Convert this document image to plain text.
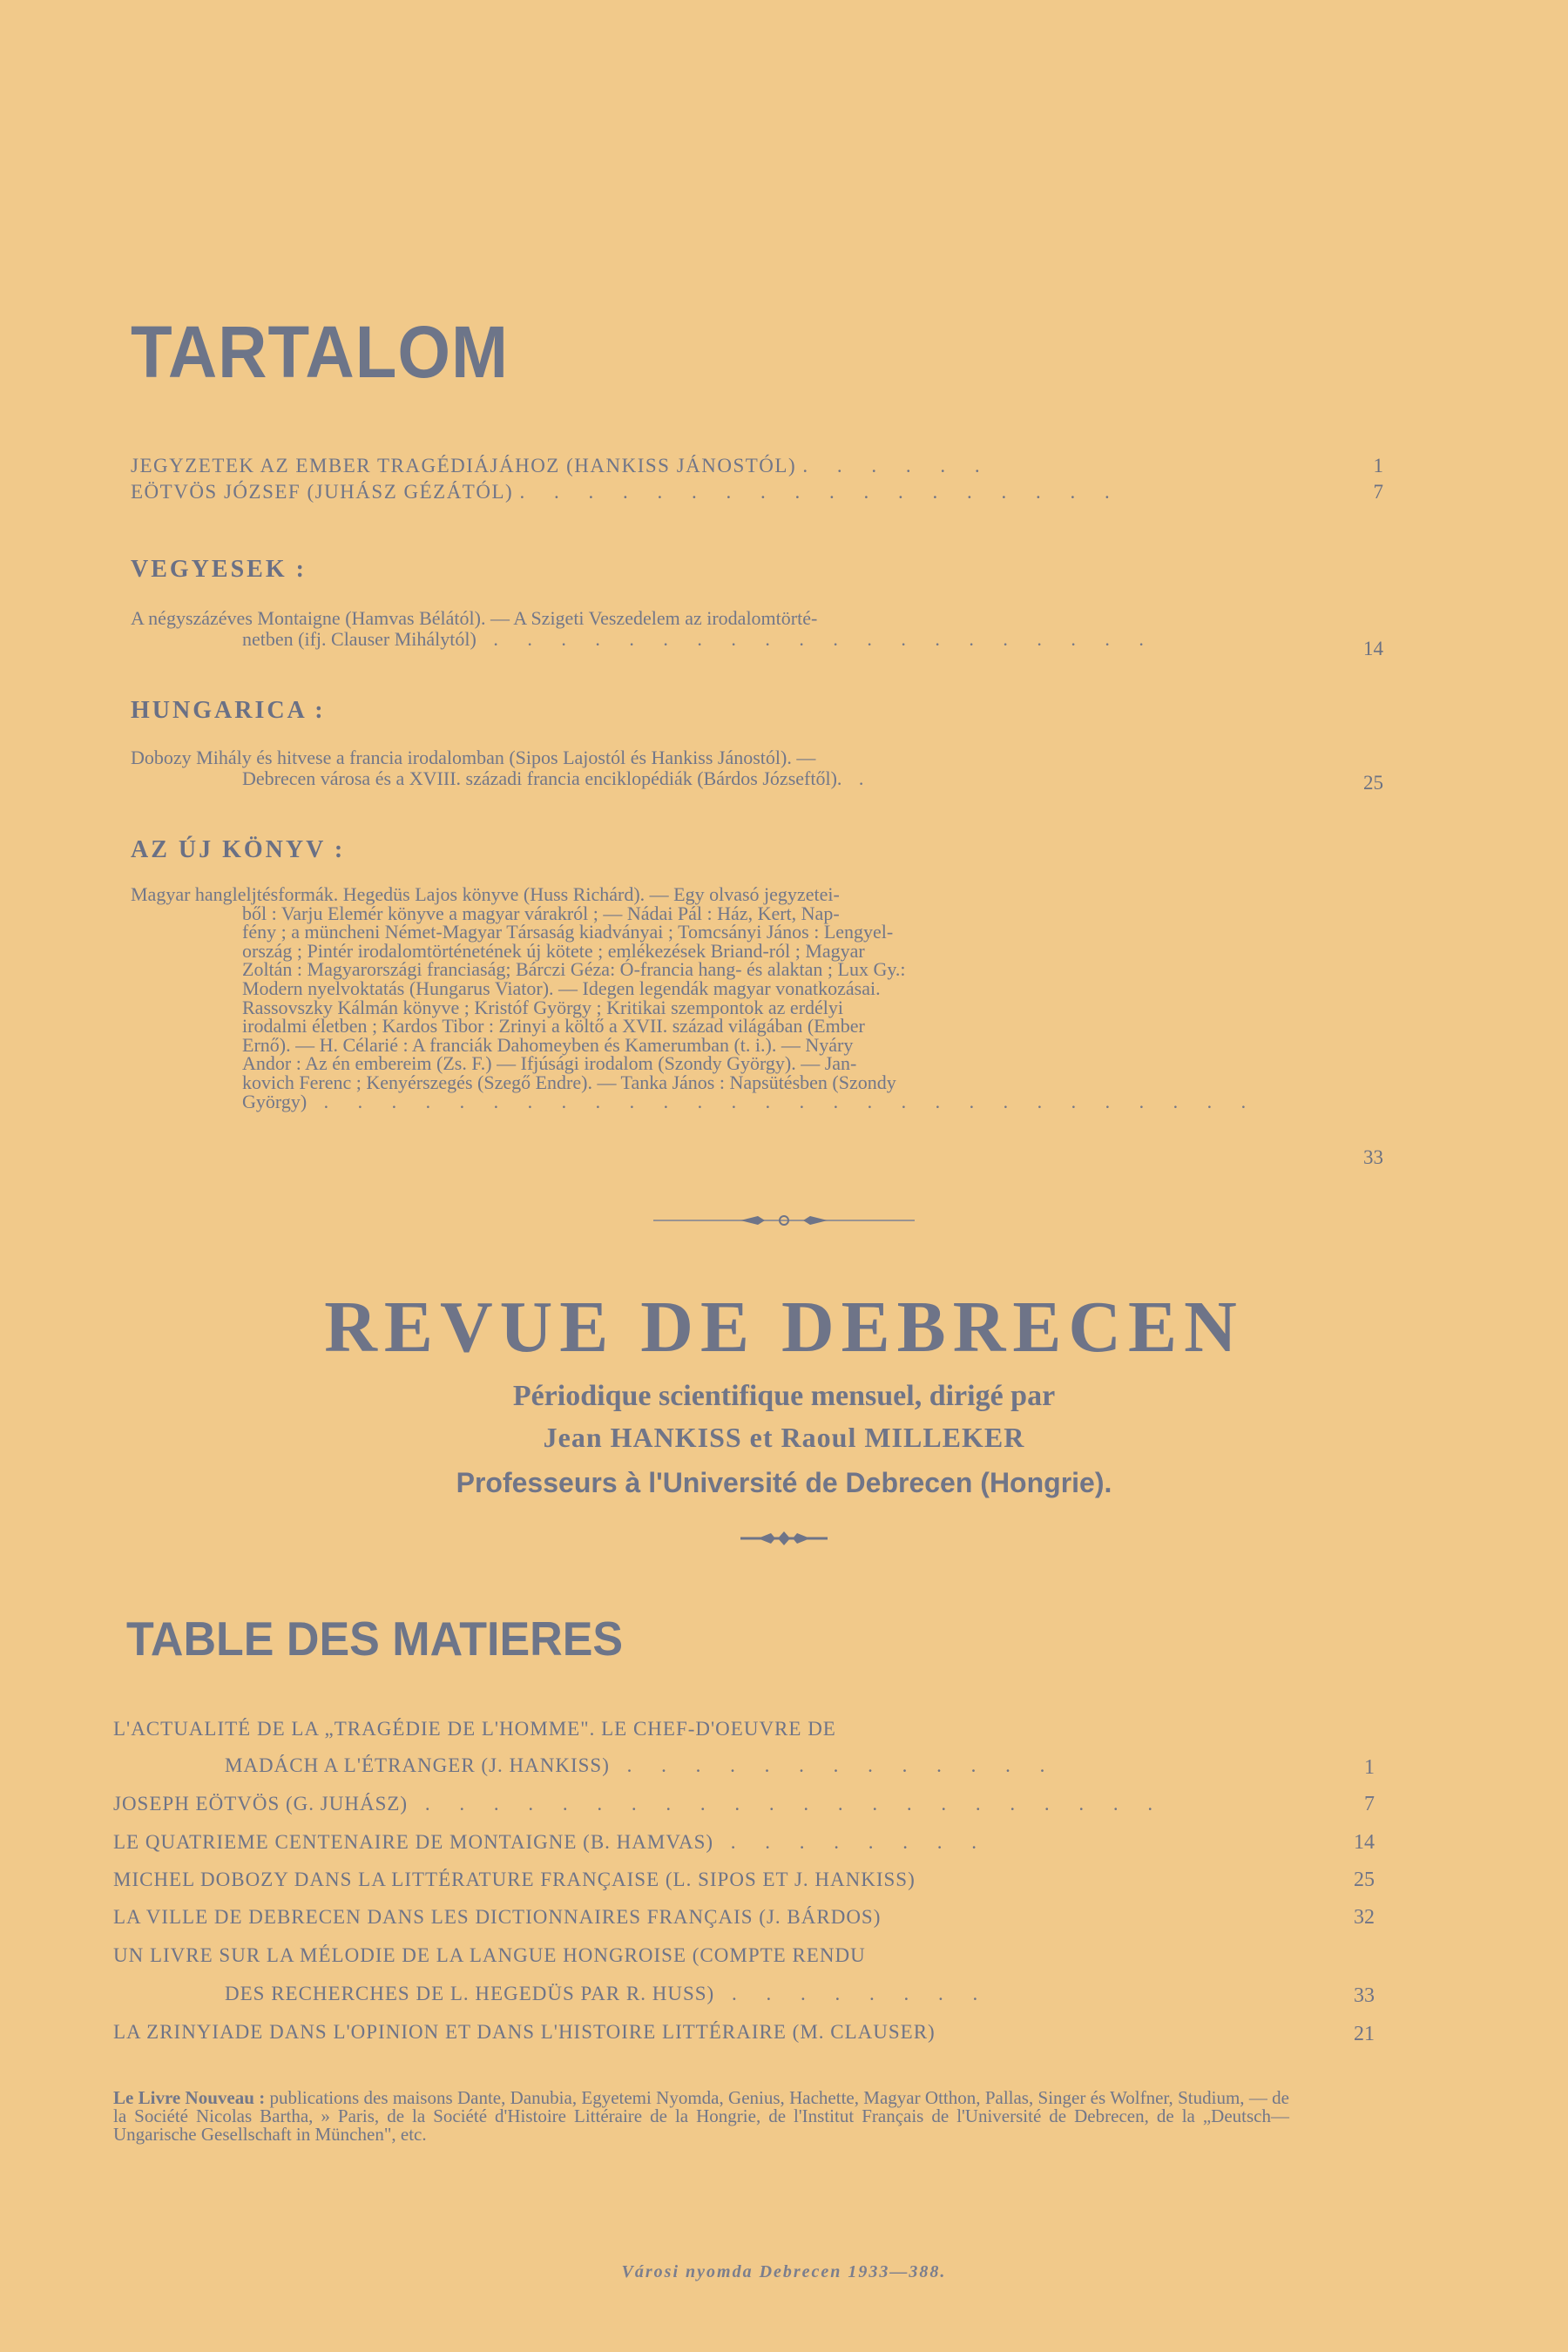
TARTALOM
JEGYZETEK AZ EMBER TRAGÉDIÁJÁHOZ (HANKISS JÁNOSTÓL) . . . . . .	1
EÖTVÖS JÓZSEF (JUHÁSZ GÉZÁTÓL) . . . . . . . . . . . . . . . . . .	7
VEGYESEK :
A négyszázéves Montaigne (Hamvas Bélától). — A Szigeti Veszedelem az irodalomtörté-
netben (ifj. Clauser Mihálytól) . . . . . . . . . . . . . . . . . . . .	14
HUNGARICA :
Dobozy Mihály és hitvese a francia irodalomban (Sipos Lajostól és Hankiss Jánostól). —
Debrecen városa és a XVIII. századi francia enciklopédiák (Bárdos Józseftől). .	25
AZ ÚJ KÖNYV :
Magyar hangleljtésformák. Hegedüs Lajos könyve (Huss Richárd). — Egy olvasó jegyzetei-
ből : Varju Elemér könyve a magyar várakról ; — Nádai Pál : Ház, Kert, Nap-
fény ; a müncheni Német-Magyar Társaság kiadványai ; Tomcsányi János : Lengyel-
ország ; Pintér irodalomtörténetének új kötete ; emlékezések Briand-ról ; Magyar
Zoltán : Magyarországi franciaság; Bárczi Géza: Ó-francia hang- és alaktan ; Lux Gy.:
Modern nyelvoktatás (Hungarus Viator). — Idegen legendák magyar vonatkozásai.
Rassovszky Kálmán könyve ; Kristóf György ; Kritikai szempontok az erdélyi
irodalmi életben ; Kardos Tibor : Zrinyi a költő a XVII. század világában (Ember
Ernő). — H. Célarié : A franciák Dahomeyben és Kamerumban (t. i.). — Nyáry
Andor : Az én embereim (Zs. F.) — Ifjúsági irodalom (Szondy György). — Jan-
kovich Ferenc ; Kenyérszegés (Szegő Endre). — Tanka János : Napsütésben (Szondy
György) . . . . . . . . . . . . . . . . . . . . . . . . . . . .
33
REVUE DE DEBRECEN
Périodique scientifique mensuel, dirigé par
Jean HANKISS et Raoul MILLEKER
Professeurs à l'Université de Debrecen (Hongrie).
TABLE DES MATIERES
L'ACTUALITÉ DE LA „TRAGÉDIE DE L'HOMME". LE CHEF-D'OEUVRE DE
MADÁCH A L'ÉTRANGER (J. HANKISS) . . . . . . . . . . . . .	1
JOSEPH EÖTVÖS (G. JUHÁSZ) . . . . . . . . . . . . . . . . . . . . . .	7
LE QUATRIEME CENTENAIRE DE MONTAIGNE (B. HAMVAS) . . . . . . . .	14
MICHEL DOBOZY DANS LA LITTÉRATURE FRANÇAISE (L. SIPOS ET J. HANKISS)	25
LA VILLE DE DEBRECEN DANS LES DICTIONNAIRES FRANÇAIS (J. BÁRDOS)	32
UN LIVRE SUR LA MÉLODIE DE LA LANGUE HONGROISE (COMPTE RENDU
DES RECHERCHES DE L. HEGEDÜS PAR R. HUSS) . . . . . . . .	33
LA ZRINYIADE DANS L'OPINION ET DANS L'HISTOIRE LITTÉRAIRE (M. CLAUSER)	21
Le Livre Nouveau : publications des maisons Dante, Danubia, Egyetemi Nyomda, Genius, Hachette, Magyar Otthon, Pallas, Singer és Wolfner, Studium, — de la Société Nicolas Bartha, » Paris, de la Société d'Histoire Littéraire de la Hongrie, de l'Institut Français de l'Université de Debrecen, de la „Deutsch—Ungarische Gesellschaft in München", etc.
Városi nyomda Debrecen 1933—388.
